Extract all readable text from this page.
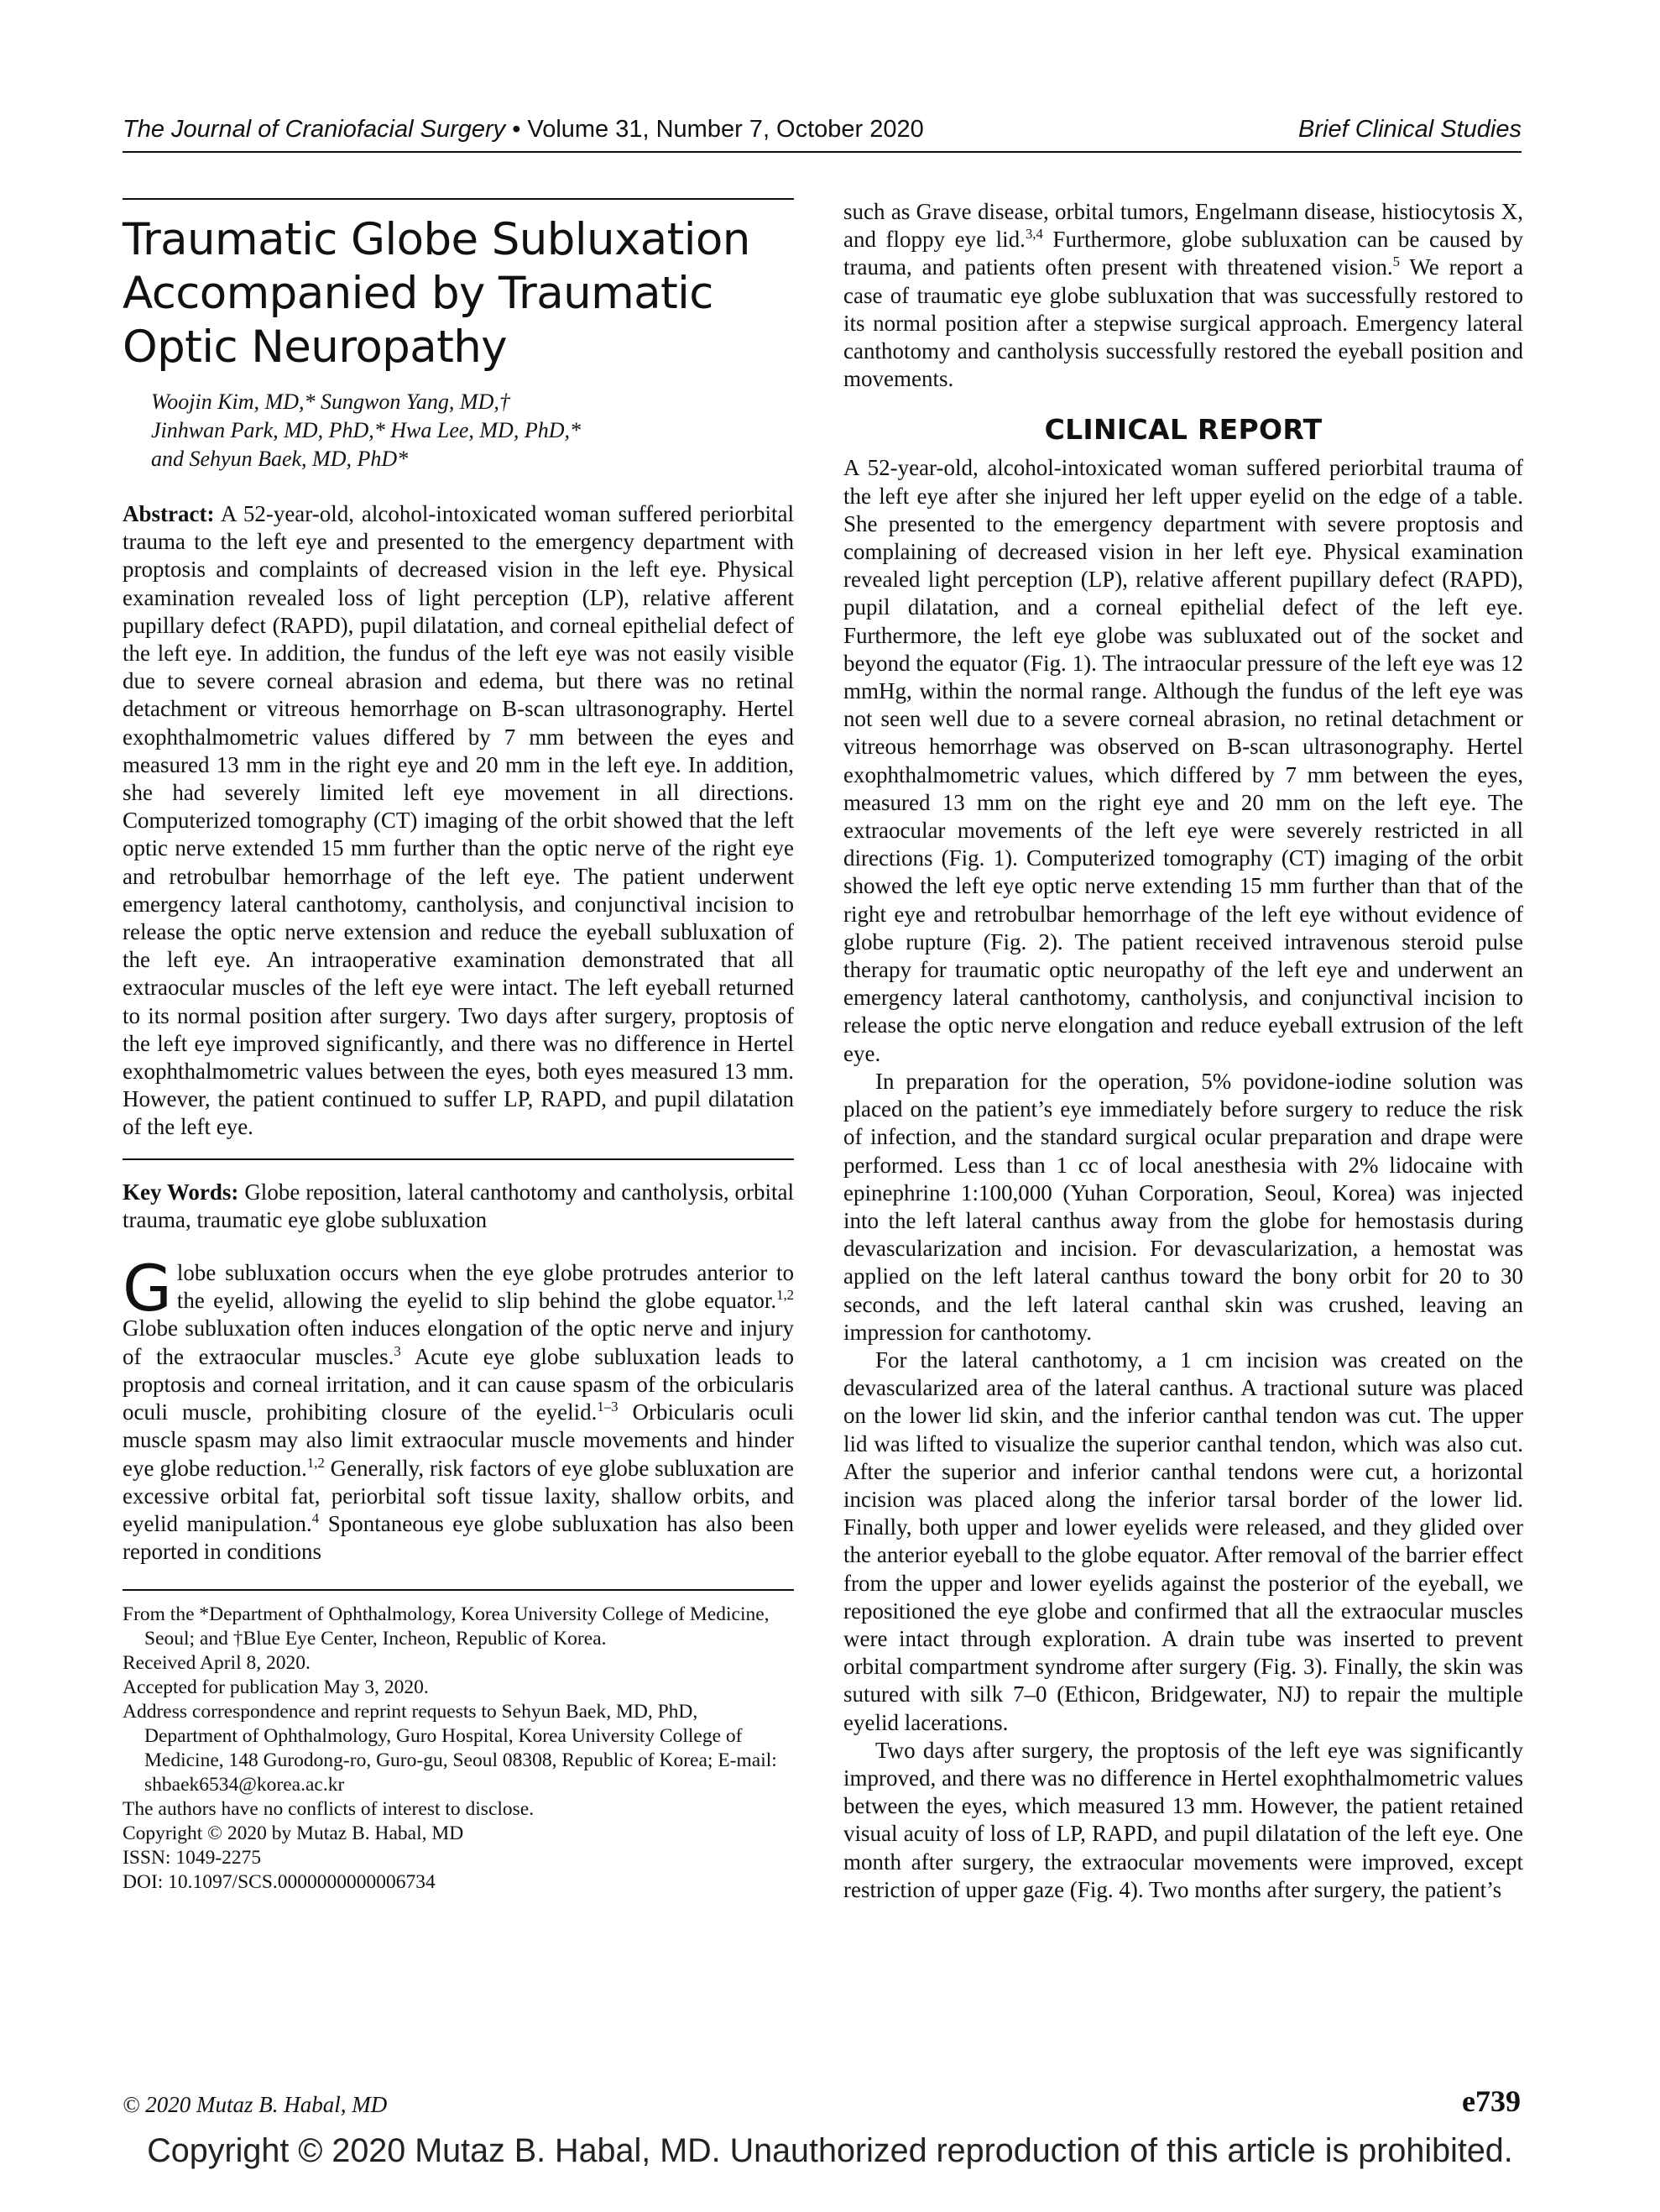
The Journal of Craniofacial Surgery • Volume 31, Number 7, October 2020	Brief Clinical Studies
Traumatic Globe Subluxation Accompanied by Traumatic Optic Neuropathy

Woojin Kim, MD,* Sungwon Yang, MD,†

Jinhwan Park, MD, PhD,* Hwa Lee, MD, PhD,*

and Sehyun Baek, MD, PhD*

Abstract: A 52-year-old, alcohol-intoxicated woman suffered periorbital trauma to the left eye and presented to the emergency department with proptosis and complaints of decreased vision in the left eye. Physical examination revealed loss of light perception (LP), relative afferent pupillary defect (RAPD), pupil dilatation, and corneal epithelial defect of the left eye. In addition, the fundus of the left eye was not easily visible due to severe corneal abrasion and edema, but there was no retinal detachment or vitreous hemorrhage on B-scan ultrasonography. Hertel exophthalmometric values differed by 7 mm between the eyes and measured 13 mm in the right eye and 20 mm in the left eye. In addition, she had severely limited left eye movement in all directions. Computerized tomography (CT) imaging of the orbit showed that the left optic nerve extended 15 mm further than the optic nerve of the right eye and retrobulbar hemorrhage of the left eye. The patient underwent emergency lateral canthotomy, cantholysis, and conjunctival incision to release the optic nerve extension and reduce the eyeball subluxation of the left eye. An intraoperative examination demonstrated that all extraocular muscles of the left eye were intact. The left eyeball returned to its normal position after surgery. Two days after surgery, proptosis of the left eye improved significantly, and there was no difference in Hertel exophthalmometric values between the eyes, both eyes measured 13 mm. However, the patient continued to suffer LP, RAPD, and pupil dilatation of the left eye.

Key Words: Globe reposition, lateral canthotomy and cantholysis, orbital trauma, traumatic eye globe subluxation

Globe subluxation occurs when the eye globe protrudes anterior to the eyelid, allowing the eyelid to slip behind the globe equator.$^{1,2}$ Globe subluxation often induces elongation of the optic nerve and injury of the extraocular muscles.$^3$ Acute eye globe subluxation leads to proptosis and corneal irritation, and it can cause spasm of the orbicularis oculi muscle, prohibiting closure of the eyelid.$^{1-3}$ Orbicularis oculi muscle spasm may also limit extraocular muscle movements and hinder eye globe reduction.$^{1,2}$ Generally, risk factors of eye globe subluxation are excessive orbital fat, periorbital soft tissue laxity, shallow orbits, and eyelid manipulation.$^4$ Spontaneous eye globe subluxation has also been reported in conditions

From the *Department of Ophthalmology, Korea University College of Medicine, Seoul; and †Blue Eye Center, Incheon, Republic of Korea.

Received April 8, 2020.

Accepted for publication May 3, 2020.

Address correspondence and reprint requests to Sehyun Baek, MD, PhD, Department of Ophthalmology, Guro Hospital, Korea University College of Medicine, 148 Gurodong-ro, Guro-gu, Seoul 08308, Republic of Korea; E-mail: shbaek6534@korea.ac.kr

The authors have no conflicts of interest to disclose.

Copyright © 2020 by Mutaz B. Habal, MD

ISSN: 1049-2275

DOI: 10.1097/SCS.0000000000006734

such as Grave disease, orbital tumors, Engelmann disease, histiocytosis X, and floppy eye lid.$^{3,4}$ Furthermore, globe subluxation can be caused by trauma, and patients often present with threatened vision.$^5$ We report a case of traumatic eye globe subluxation that was successfully restored to its normal position after a stepwise surgical approach. Emergency lateral canthotomy and cantholysis successfully restored the eyeball position and movements.

CLINICAL REPORT

A 52-year-old, alcohol-intoxicated woman suffered periorbital trauma of the left eye after she injured her left upper eyelid on the edge of a table. She presented to the emergency department with severe proptosis and complaining of decreased vision in her left eye. Physical examination revealed light perception (LP), relative afferent pupillary defect (RAPD), pupil dilatation, and a corneal epithelial defect of the left eye. Furthermore, the left eye globe was subluxated out of the socket and beyond the equator (Fig. 1). The intraocular pressure of the left eye was 12 mmHg, within the normal range. Although the fundus of the left eye was not seen well due to a severe corneal abrasion, no retinal detachment or vitreous hemorrhage was observed on B-scan ultrasonography. Hertel exophthalmometric values, which differed by 7 mm between the eyes, measured 13 mm on the right eye and 20 mm on the left eye. The extraocular movements of the left eye were severely restricted in all directions (Fig. 1). Computerized tomography (CT) imaging of the orbit showed the left eye optic nerve extending 15 mm further than that of the right eye and retrobulbar hemorrhage of the left eye without evidence of globe rupture (Fig. 2). The patient received intravenous steroid pulse therapy for traumatic optic neuropathy of the left eye and underwent an emergency lateral canthotomy, cantholysis, and conjunctival incision to release the optic nerve elongation and reduce eyeball extrusion of the left eye.

In preparation for the operation, 5% povidone-iodine solution was placed on the patient’s eye immediately before surgery to reduce the risk of infection, and the standard surgical ocular preparation and drape were performed. Less than 1 cc of local anesthesia with 2% lidocaine with epinephrine 1:100,000 (Yuhan Corporation, Seoul, Korea) was injected into the left lateral canthus away from the globe for hemostasis during devascularization and incision. For devascularization, a hemostat was applied on the left lateral canthus toward the bony orbit for 20 to 30 seconds, and the left lateral canthal skin was crushed, leaving an impression for canthotomy.

For the lateral canthotomy, a 1 cm incision was created on the devascularized area of the lateral canthus. A tractional suture was placed on the lower lid skin, and the inferior canthal tendon was cut. The upper lid was lifted to visualize the superior canthal tendon, which was also cut. After the superior and inferior canthal tendons were cut, a horizontal incision was placed along the inferior tarsal border of the lower lid. Finally, both upper and lower eyelids were released, and they glided over the anterior eyeball to the globe equator. After removal of the barrier effect from the upper and lower eyelids against the posterior of the eyeball, we repositioned the eye globe and confirmed that all the extraocular muscles were intact through exploration. A drain tube was inserted to prevent orbital compartment syndrome after surgery (Fig. 3). Finally, the skin was sutured with silk 7–0 (Ethicon, Bridgewater, NJ) to repair the multiple eyelid lacerations.

Two days after surgery, the proptosis of the left eye was significantly improved, and there was no difference in Hertel exophthalmometric values between the eyes, which measured 13 mm. However, the patient retained visual acuity of loss of LP, RAPD, and pupil dilatation of the left eye. One month after surgery, the extraocular movements were improved, except restriction of upper gaze (Fig. 4). Two months after surgery, the patient’s

© 2020 Mutaz B. Habal, MD	e739
Copyright © 2020 Mutaz B. Habal, MD. Unauthorized reproduction of this article is prohibited.
